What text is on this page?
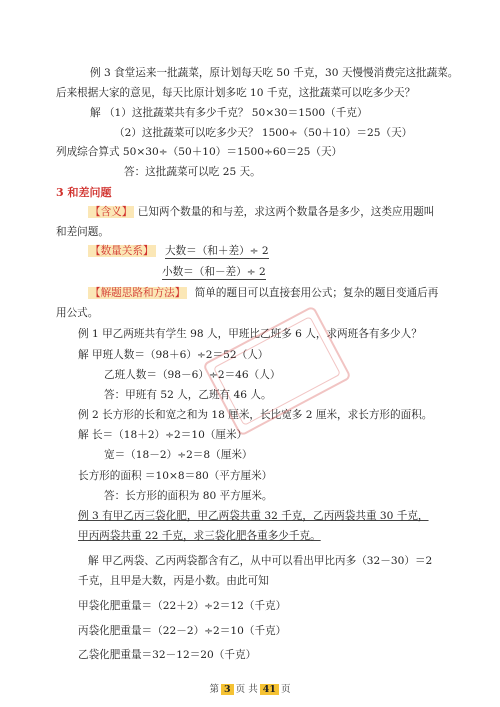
例 3 食堂运来一批蔬菜，原计划每天吃 50 千克，30 天慢慢消费完这批蔬菜。
后来根据大家的意见，每天比原计划多吃 10 千克，这批蔬菜可以吃多少天？
解 （1）这批蔬菜共有多少千克？ 50×30＝1500（千克）
（2）这批蔬菜可以吃多少天？ 1500÷（50＋10）＝25（天）
列成综合算式 50×30÷（50＋10）＝1500÷60＝25（天）
答：这批蔬菜可以吃 25 天。
3 和差问题
【含义】 已知两个数量的和与差，求这两个数量各是多少，这类应用题叫
和差问题。
【数量关系】 大数＝（和＋差）÷ 2
小数＝（和－差）÷ 2
【解题思路和方法】 简单的题目可以直接套用公式；复杂的题目变通后再
用公式。
例 1 甲乙两班共有学生 98 人，甲班比乙班多 6 人，求两班各有多少人？
解 甲班人数＝（98＋6）÷2＝52（人）
乙班人数＝（98－6）÷2＝46（人）
答：甲班有 52 人，乙班有 46 人。
例 2 长方形的长和宽之和为 18 厘米，长比宽多 2 厘米，求长方形的面积。
解 长＝（18＋2）÷2＝10（厘米）
宽＝（18－2）÷2＝8（厘米）
长方形的面积 ＝10×8＝80（平方厘米）
答：长方形的面积为 80 平方厘米。
例 3 有甲乙丙三袋化肥，甲乙两袋共重 32 千克，乙丙两袋共重 30 千克，
甲丙两袋共重 22 千克，求三袋化肥各重多少千克。
解 甲乙两袋、乙丙两袋都含有乙，从中可以看出甲比丙多（32－30）＝2
千克，且甲是大数，丙是小数。由此可知
甲袋化肥重量＝（22＋2）÷2＝12（千克）
丙袋化肥重量＝（22－2）÷2＝10（千克）
乙袋化肥重量＝32－12＝20（千克）
第 3 页 共 41 页
